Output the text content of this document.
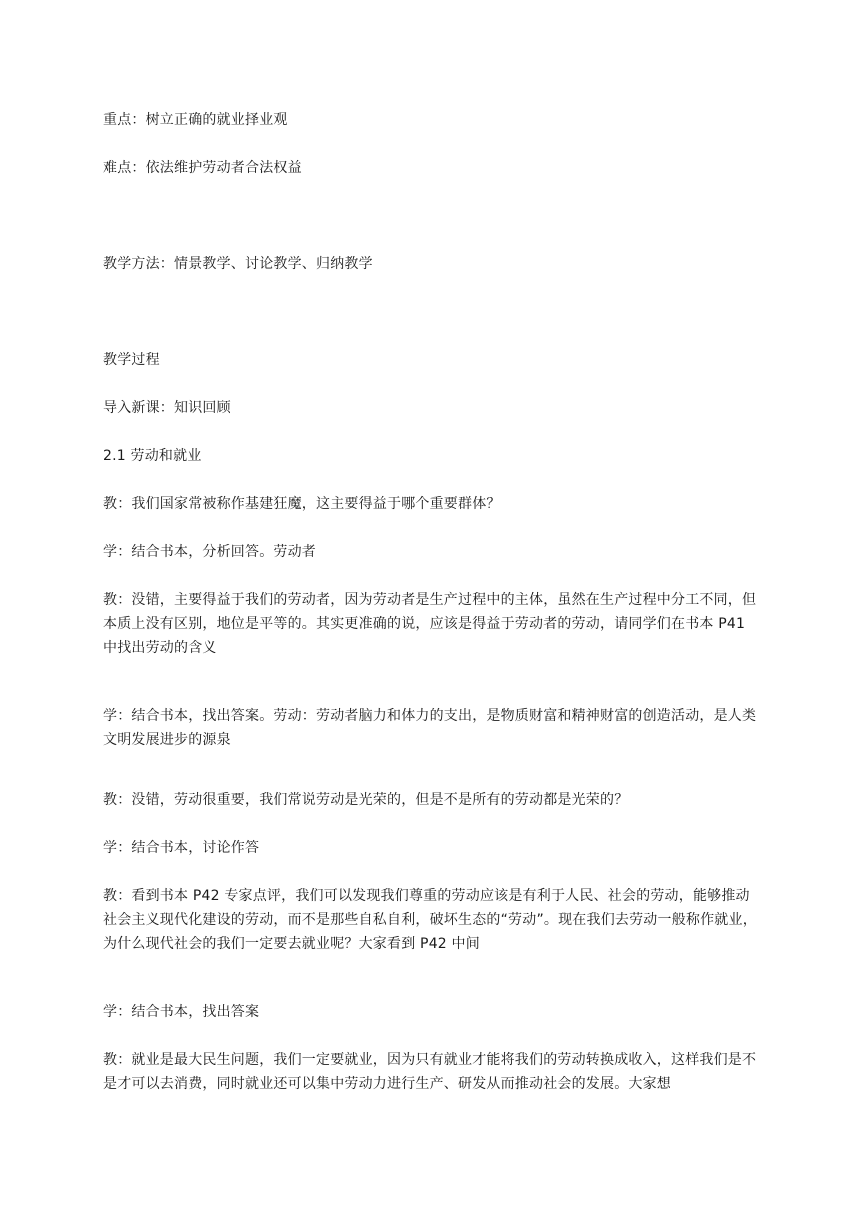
重点：树立正确的就业择业观

难点：依法维护劳动者合法权益

教学方法：情景教学、讨论教学、归纳教学

教学过程

导入新课：知识回顾

2.1 劳动和就业

教：我们国家常被称作基建狂魔，这主要得益于哪个重要群体？

学：结合书本，分析回答。劳动者

教：没错，主要得益于我们的劳动者，因为劳动者是生产过程中的主体，虽然在生产过程中分工不同，但本质上没有区别，地位是平等的。其实更准确的说，应该是得益于劳动者的劳动，请同学们在书本 P41 中找出劳动的含义

学：结合书本，找出答案。劳动：劳动者脑力和体力的支出，是物质财富和精神财富的创造活动，是人类文明发展进步的源泉

教：没错，劳动很重要，我们常说劳动是光荣的，但是不是所有的劳动都是光荣的？

学：结合书本，讨论作答

教：看到书本 P42 专家点评，我们可以发现我们尊重的劳动应该是有利于人民、社会的劳动，能够推动社会主义现代化建设的劳动，而不是那些自私自利，破坏生态的“劳动”。现在我们去劳动一般称作就业，为什么现代社会的我们一定要去就业呢？大家看到 P42 中间

学：结合书本，找出答案

教：就业是最大民生问题，我们一定要就业，因为只有就业才能将我们的劳动转换成收入，这样我们是不是才可以去消费，同时就业还可以集中劳动力进行生产、研发从而推动社会的发展。大家想
